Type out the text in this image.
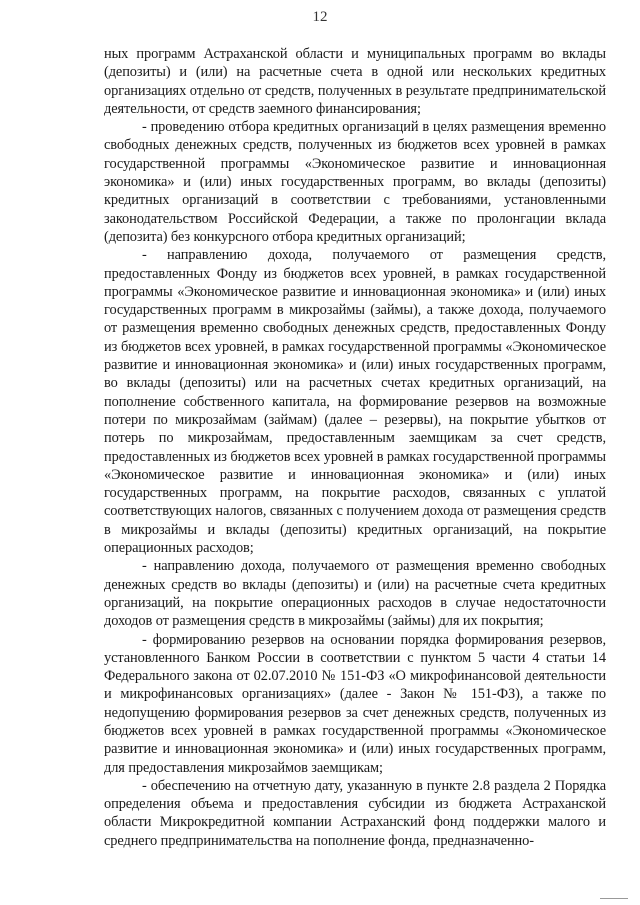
12

ных программ Астраханской области и муниципальных программ во вклады (депозиты) и (или) на расчетные счета в одной или нескольких кредитных организациях отдельно от средств, полученных в результате предпринимательской деятельности, от средств заемного финансирования;

- проведению отбора кредитных организаций в целях размещения временно свободных денежных средств, полученных из бюджетов всех уровней в рамках государственной программы «Экономическое развитие и инновационная экономика» и (или) иных государственных программ, во вклады (депозиты) кредитных организаций в соответствии с требованиями, установленными законодательством Российской Федерации, а также по пролонгации вклада (депозита) без конкурсного отбора кредитных организаций;

- направлению дохода, получаемого от размещения средств, предоставленных Фонду из бюджетов всех уровней, в рамках государственной программы «Экономическое развитие и инновационная экономика» и (или) иных государственных программ в микрозаймы (займы), а также дохода, получаемого от размещения временно свободных денежных средств, предоставленных Фонду из бюджетов всех уровней, в рамках государственной программы «Экономическое развитие и инновационная экономика» и (или) иных государственных программ, во вклады (депозиты) или на расчетных счетах кредитных организаций, на пополнение собственного капитала, на формирование резервов на возможные потери по микрозаймам (займам) (далее – резервы), на покрытие убытков от потерь по микрозаймам, предоставленным заемщикам за счет средств, предоставленных из бюджетов всех уровней в рамках государственной программы «Экономическое развитие и инновационная экономика» и (или) иных государственных программ, на покрытие расходов, связанных с уплатой соответствующих налогов, связанных с получением дохода от размещения средств в микрозаймы и вклады (депозиты) кредитных организаций, на покрытие операционных расходов;

- направлению дохода, получаемого от размещения временно свободных денежных средств во вклады (депозиты) и (или) на расчетные счета кредитных организаций, на покрытие операционных расходов в случае недостаточности доходов от размещения средств в микрозаймы (займы) для их покрытия;

- формированию резервов на основании порядка формирования резервов, установленного Банком России в соответствии с пунктом 5 части 4 статьи 14 Федерального закона от 02.07.2010 № 151-ФЗ «О микрофинансовой деятельности и микрофинансовых организациях» (далее - Закон № 151-ФЗ), а также по недопущению формирования резервов за счет денежных средств, полученных из бюджетов всех уровней в рамках государственной программы «Экономическое развитие и инновационная экономика» и (или) иных государственных программ, для предоставления микрозаймов заемщикам;

- обеспечению на отчетную дату, указанную в пункте 2.8 раздела 2 Порядка определения объема и предоставления субсидии из бюджета Астраханской области Микрокредитной компании Астраханский фонд поддержки малого и среднего предпринимательства на пополнение фонда, предназначенно-
